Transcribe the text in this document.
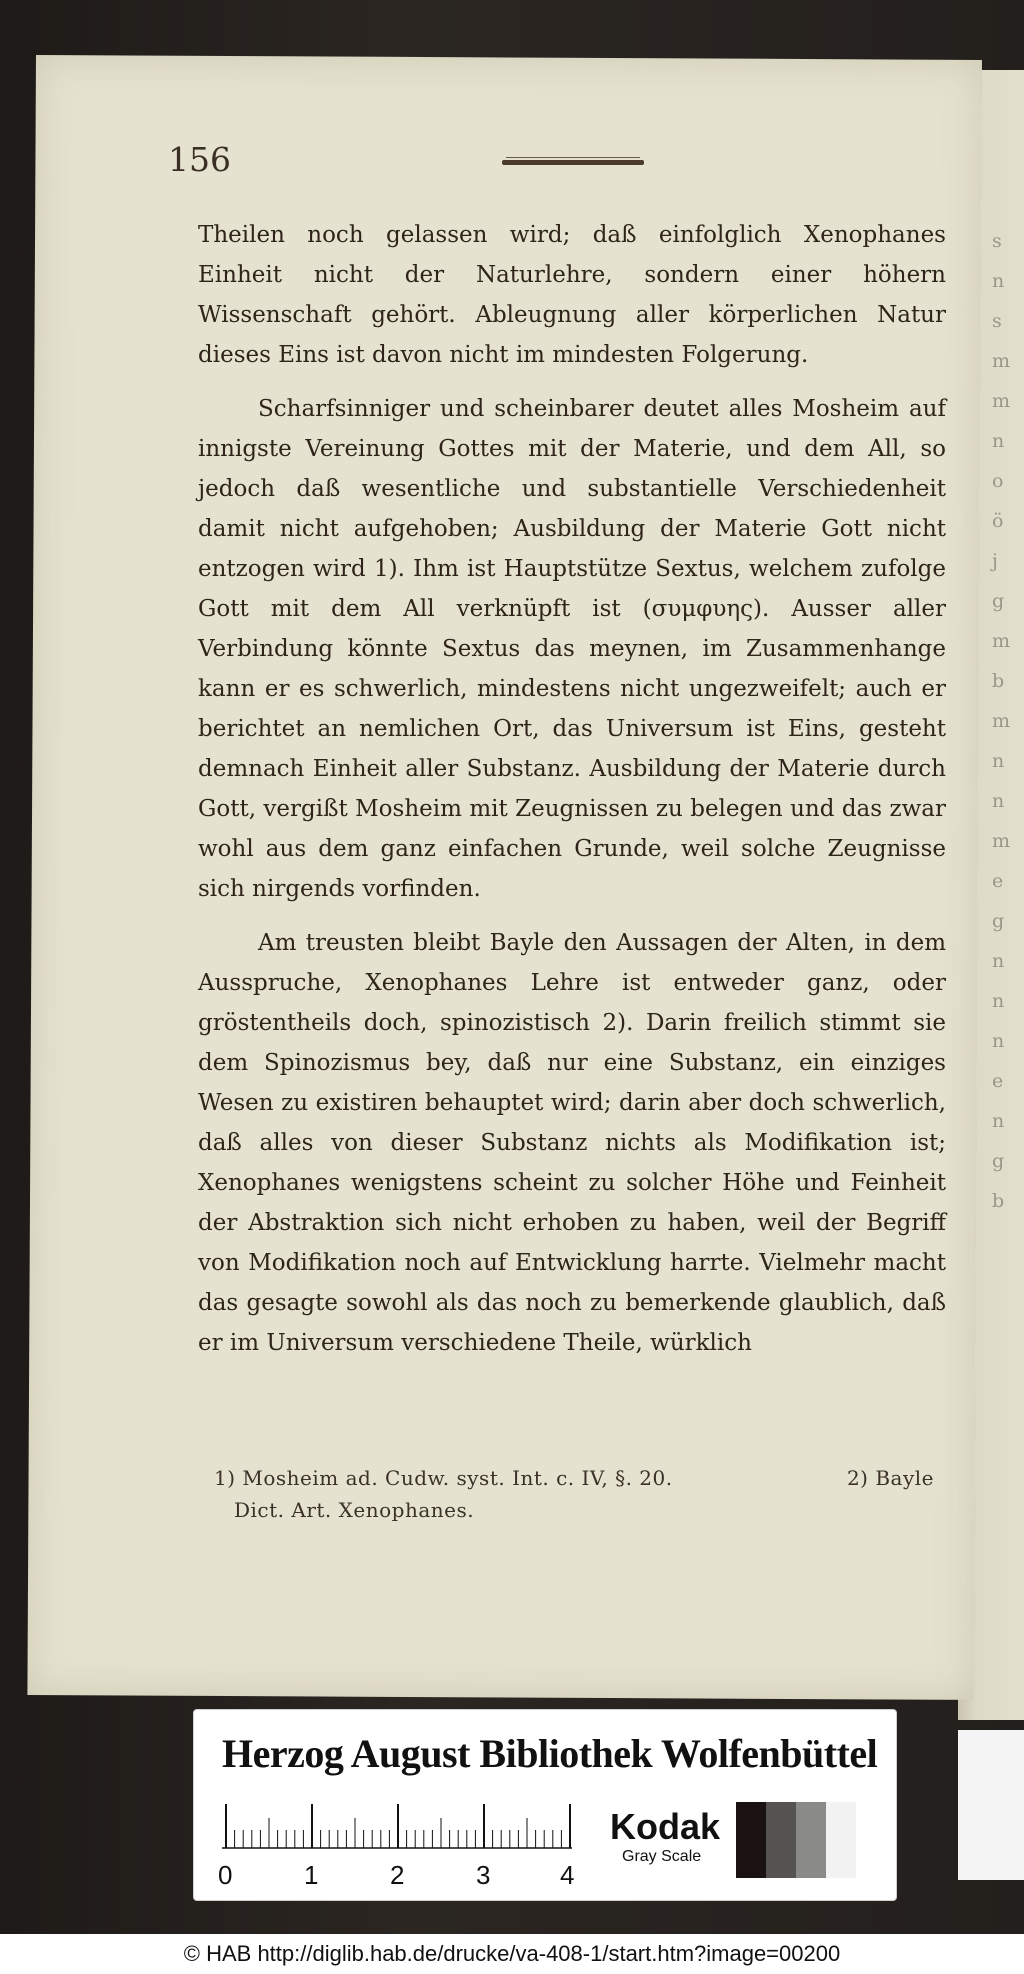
s
n
s
m
m
n
o
ö
j
g
m
b
m
n
n
m
e
g
n
n
n
e
n
g
b
156

Theilen noch gelassen wird; daß einfolglich Xenophanes Einheit nicht der Naturlehre, sondern einer höhern Wissenschaft gehört. Ableugnung aller körperlichen Natur dieses Eins ist davon nicht im mindesten Folgerung.

Scharfsinniger und scheinbarer deutet alles Mosheim auf innigste Vereinung Gottes mit der Materie, und dem All, so jedoch daß wesentliche und substantielle Verschiedenheit damit nicht aufgehoben; Ausbildung der Materie Gott nicht entzogen wird 1). Ihm ist Hauptstütze Sextus, welchem zufolge Gott mit dem All verknüpft ist (συμφυης). Ausser aller Verbindung könnte Sextus das meynen, im Zusammenhange kann er es schwerlich, mindestens nicht ungezweifelt; auch er berichtet an nemlichen Ort, das Universum ist Eins, gesteht demnach Einheit aller Substanz. Ausbildung der Materie durch Gott, vergißt Mosheim mit Zeugnissen zu belegen und das zwar wohl aus dem ganz einfachen Grunde, weil solche Zeugnisse sich nirgends vorfinden.

Am treusten bleibt Bayle den Aussagen der Alten, in dem Ausspruche, Xenophanes Lehre ist entweder ganz, oder gröstentheils doch, spinozistisch 2). Darin freilich stimmt sie dem Spinozismus bey, daß nur eine Substanz, ein einziges Wesen zu existiren behauptet wird; darin aber doch schwerlich, daß alles von dieser Substanz nichts als Modifikation ist; Xenophanes wenigstens scheint zu solcher Höhe und Feinheit der Abstraktion sich nicht erhoben zu haben, weil der Begriff von Modifikation noch auf Entwicklung harrte. Vielmehr macht das gesagte sowohl als das noch zu bemerkende glaublich, daß er im Universum verschiedene Theile, würklich

1) Mosheim ad. Cudw. syst. Int. c. IV, §. 20.	2) Bayle
Dict. Art. Xenophanes.
Herzog August Bibliothek Wolfenbüttel
0	1	2	3	4
Kodak
Gray Scale
© HAB http://diglib.hab.de/drucke/va-408-1/start.htm?image=00200
